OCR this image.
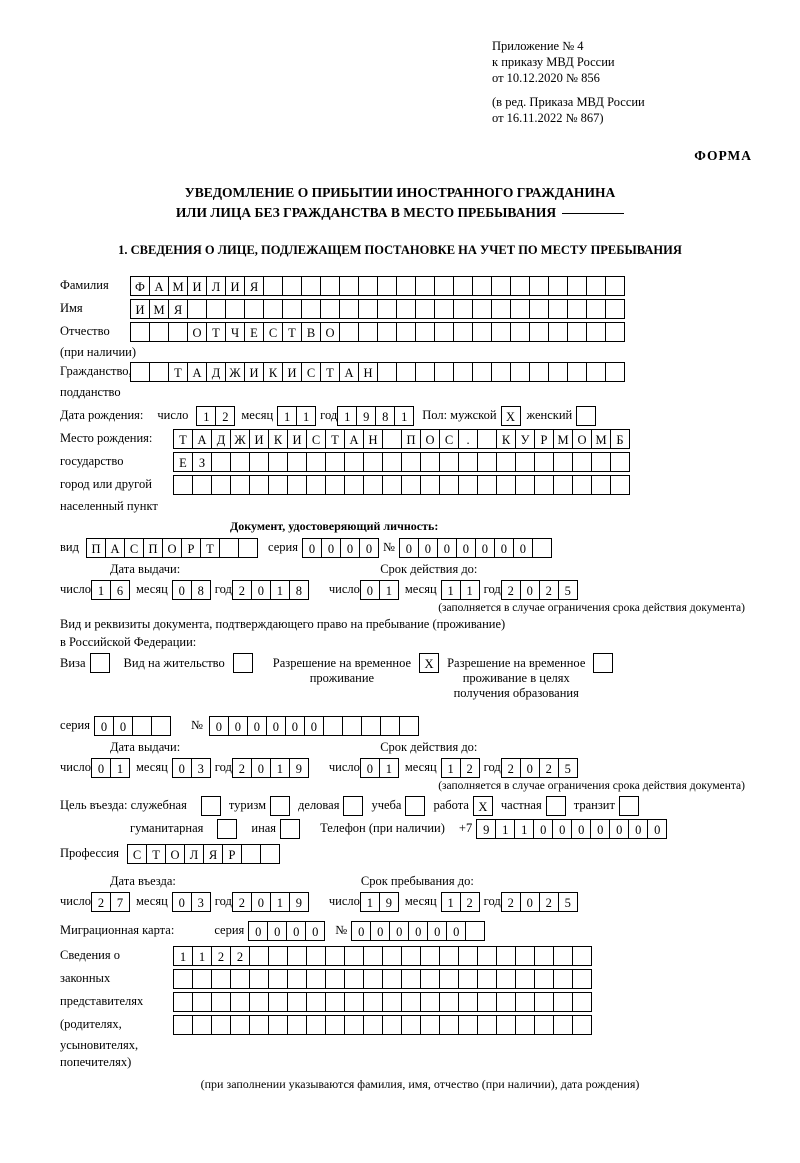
Приложение № 4
к приказу МВД России
от 10.12.2020 № 856
(в ред. Приказа МВД России
от 16.11.2022 № 867)
ФОРМА
УВЕДОМЛЕНИЕ О ПРИБЫТИИ ИНОСТРАННОГО ГРАЖДАНИНА
ИЛИ ЛИЦА БЕЗ ГРАЖДАНСТВА В МЕСТО ПРЕБЫВАНИЯ
1. СВЕДЕНИЯ О ЛИЦЕ, ПОДЛЕЖАЩЕМ ПОСТАНОВКЕ НА УЧЕТ ПО МЕСТУ ПРЕБЫВАНИЯ
Фамилия	Ф А М И Л И Я
Имя	И М Я
Отчество	О Т Ч Е С Т В О
(при наличии)
Гражданство,	Т А Д Ж И К И С Т А Н
подданство
Дата рождения: число	1	2	месяц 1	1 год 1	9	8	1	Пол: мужской Х женский
Место рождения:	Т А Д Ж И К И С Т А Н	П О С	.	К У Р М О М Б
государство	Е З
город или другой
населенный пункт
Документ, удостоверяющий личность:
вид	П А С П О Р Т	серия 0	0	0	0 № 0	0	0	0	0	0	0
Дата выдачи:	Срок действия до:
число 1	6	месяц 0	8 год 2	0	1	8	число 0	1	месяц 1	1 год 2	0	2	5
(заполняется в случае ограничения срока действия документа)
Вид и реквизиты документа, подтверждающего право на пребывание (проживание)
в Российской Федерации:
Виза	Вид на жительство	Разрешение на временное
проживание
Х	Разрешение на временное
проживание в целях
получения образования
серия 0	0	№	0	0	0	0	0	0
Дата выдачи:	Срок действия до:
число 0	1	месяц 0	3 год 2	0	1	9	число 0	1	месяц 1	2 год 2	0	2	5
(заполняется в случае ограничения срока действия документа)
Цель въезда: служебная	туризм	деловая	учеба	работа Х	частная	транзит
гуманитарная	иная	Телефон (при наличии) +7 9	1	1	0	0	0	0	0	0	0
Профессия	С Т О Л Я Р
Дата въезда:	Срок пребывания до:
число 2	7	месяц 0	3 год 2	0	1	9	число 1	9	месяц 1	2 год 2	0	2	5
Миграционная карта:	серия 0	0	0	0	№ 0	0	0	0	0	0
Сведения о	1	1	2	2
законных
представителях
(родителях,
усыновителях,
попечителях)
(при заполнении указываются фамилия, имя, отчество (при наличии), дата рождения)
